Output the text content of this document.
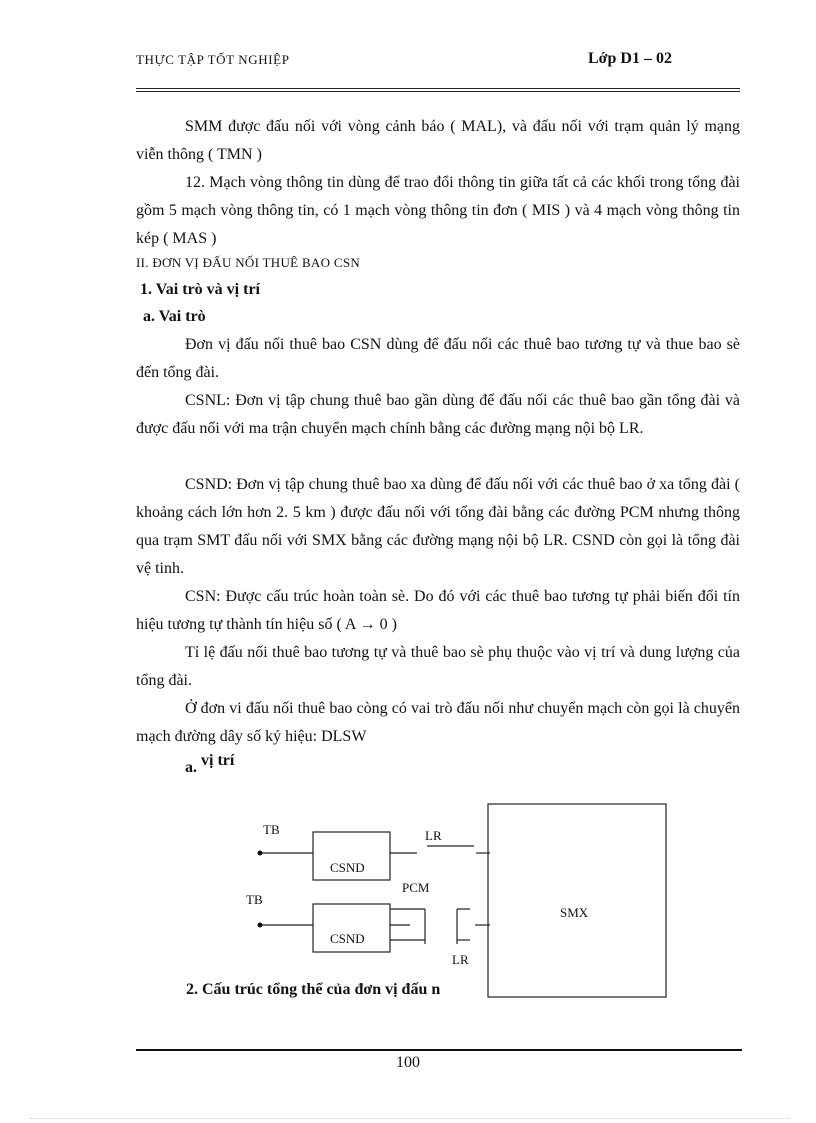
THỰC TẬP TỐT NGHIỆP	Lớp D1 – 02

SMM được đấu nối với vòng cảnh báo ( MAL), và đấu nối với trạm quản lý mạng viễn thông ( TMN )

12. Mạch vòng thông tin dùng để trao đổi thông tin giữa tất cả các khối trong tổng đài gồm 5 mạch vòng thông tin, có 1 mạch vòng thông tin đơn ( MIS ) và 4 mạch vòng thông tin kép ( MAS )

II. ĐƠN VỊ ĐẤU NỐI THUÊ BAO CSN

1. Vai trò và vị trí

a. Vai trò

Đơn vị đấu nối thuê bao CSN dùng để đấu nối các thuê bao tương tự và thue bao sè đến tổng đài.

CSNL: Đơn vị tập chung thuê bao gần dùng để đấu nối các thuê bao gần tổng đài và được đấu nối với ma trận chuyển mạch chính bằng các đường mạng nội bộ LR.

CSND: Đơn vị tập chung thuê bao xa dùng để đấu nối với các thuê bao ở xa tổng đài ( khoảng cách lớn hơn 2. 5 km ) được đấu nối với tổng đài bằng các đường PCM nhưng thông qua trạm SMT đấu nối với SMX bằng các đường mạng nội bộ LR. CSND còn gọi là tổng đài vệ tinh.

CSN: Được cấu trúc hoàn toàn sè. Do đó với các thuê bao tương tự phải biến đổi tín hiệu tương tự thành tín hiệu số ( A → 0 )

Tỉ lệ đấu nối thuê bao tương tự và thuê bao sè phụ thuộc vào vị trí và dung lượng của tổng đài.

Ở đơn vi đấu nối thuê bao còng có vai trò đấu nối như chuyển mạch còn gọi là chuyển mạch đường dây số ký hiệu: DLSW

a. vị trí

TB
TB
CSND
CSND
LR
PCM
LR
SMX

2. Cấu trúc tổng thể của đơn vị đấu n

100
